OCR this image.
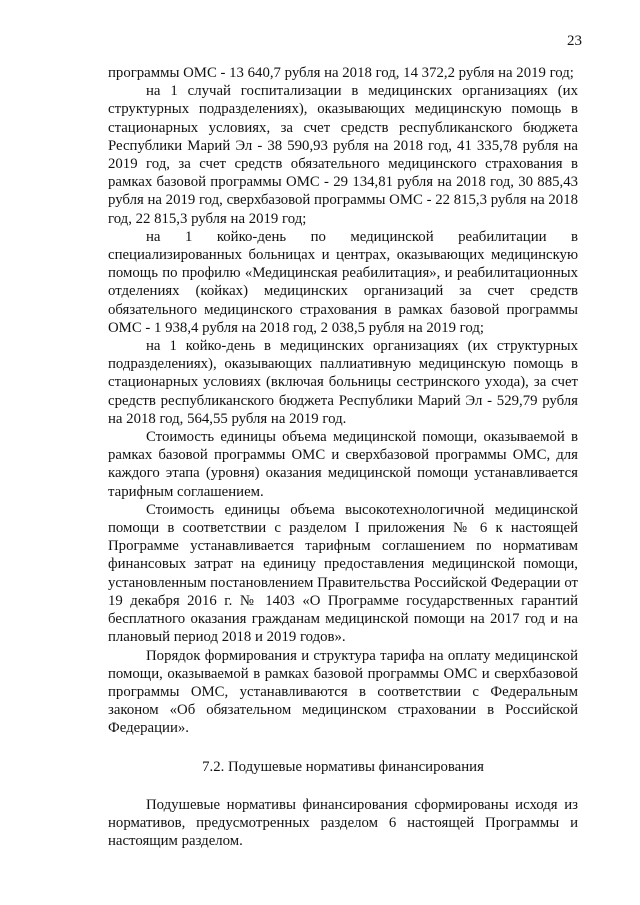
23

программы ОМС - 13 640,7 рубля на 2018 год, 14 372,2 рубля на 2019 год;

на 1 случай госпитализации в медицинских организациях (их структурных подразделениях), оказывающих медицинскую помощь в стационарных условиях, за счет средств республиканского бюджета Республики Марий Эл - 38 590,93 рубля на 2018 год, 41 335,78 рубля на 2019 год, за счет средств обязательного медицинского страхования в рамках базовой программы ОМС - 29 134,81 рубля на 2018 год, 30 885,43 рубля на 2019 год, сверхбазовой программы ОМС - 22 815,3 рубля на 2018 год, 22 815,3 рубля на 2019 год;

на 1 койко-день по медицинской реабилитации в специализированных больницах и центрах, оказывающих медицинскую помощь по профилю «Медицинская реабилитация», и реабилитационных отделениях (койках) медицинских организаций за счет средств обязательного медицинского страхования в рамках базовой программы ОМС - 1 938,4 рубля на 2018 год, 2 038,5 рубля на 2019 год;

на 1 койко-день в медицинских организациях (их структурных подразделениях), оказывающих паллиативную медицинскую помощь в стационарных условиях (включая больницы сестринского ухода), за счет средств республиканского бюджета Республики Марий Эл - 529,79 рубля на 2018 год, 564,55 рубля на 2019 год.

Стоимость единицы объема медицинской помощи, оказываемой в рамках базовой программы ОМС и сверхбазовой программы ОМС, для каждого этапа (уровня) оказания медицинской помощи устанавливается тарифным соглашением.

Стоимость единицы объема высокотехнологичной медицинской помощи в соответствии с разделом I приложения № 6 к настоящей Программе устанавливается тарифным соглашением по нормативам финансовых затрат на единицу предоставления медицинской помощи, установленным постановлением Правительства Российской Федерации от 19 декабря 2016 г. № 1403 «О Программе государственных гарантий бесплатного оказания гражданам медицинской помощи на 2017 год и на плановый период 2018 и 2019 годов».

Порядок формирования и структура тарифа на оплату медицинской помощи, оказываемой в рамках базовой программы ОМС и сверхбазовой программы ОМС, устанавливаются в соответствии с Федеральным законом «Об обязательном медицинском страховании в Российской Федерации».

7.2. Подушевые нормативы финансирования

Подушевые нормативы финансирования сформированы исходя из нормативов, предусмотренных разделом 6 настоящей Программы и настоящим разделом.
